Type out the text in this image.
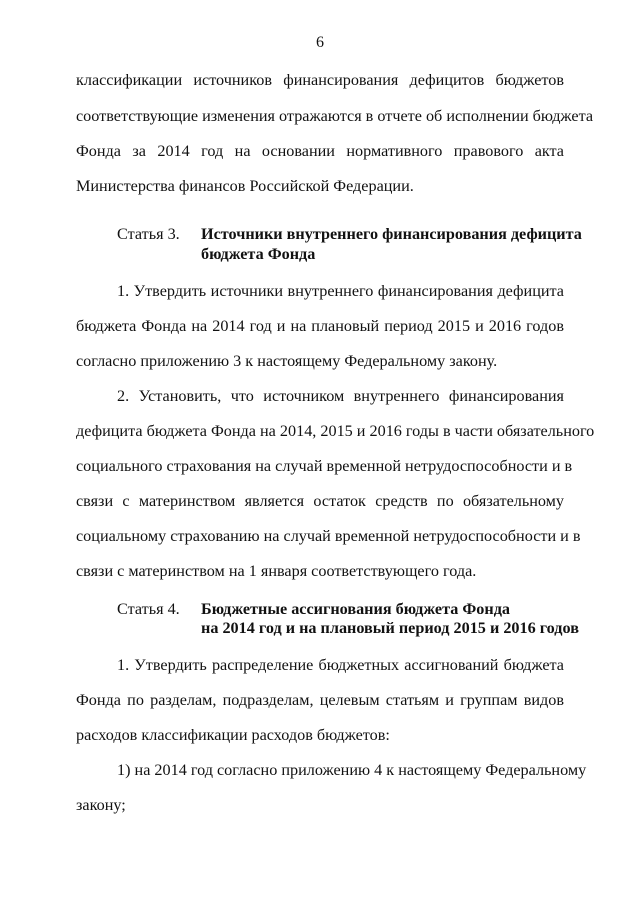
6
классификации источников финансирования дефицитов бюджетов
соответствующие изменения отражаются в отчете об исполнении бюджета
Фонда за 2014 год на основании нормативного правового акта
Министерства финансов Российской Федерации.
Статья 3. Источники внутреннего финансирования дефицита
бюджета Фонда
1. Утвердить источники внутреннего финансирования дефицита
бюджета Фонда на 2014 год и на плановый период 2015 и 2016 годов
согласно приложению 3 к настоящему Федеральному закону.
2. Установить, что источником внутреннего финансирования
дефицита бюджета Фонда на 2014, 2015 и 2016 годы в части обязательного
социального страхования на случай временной нетрудоспособности и в
связи с материнством является остаток средств по обязательному
социальному страхованию на случай временной нетрудоспособности и в
связи с материнством на 1 января соответствующего года.
Статья 4. Бюджетные ассигнования бюджета Фонда
на 2014 год и на плановый период 2015 и 2016 годов
1. Утвердить распределение бюджетных ассигнований бюджета
Фонда по разделам, подразделам, целевым статьям и группам видов
расходов классификации расходов бюджетов:
1) на 2014 год согласно приложению 4 к настоящему Федеральному
закону;
